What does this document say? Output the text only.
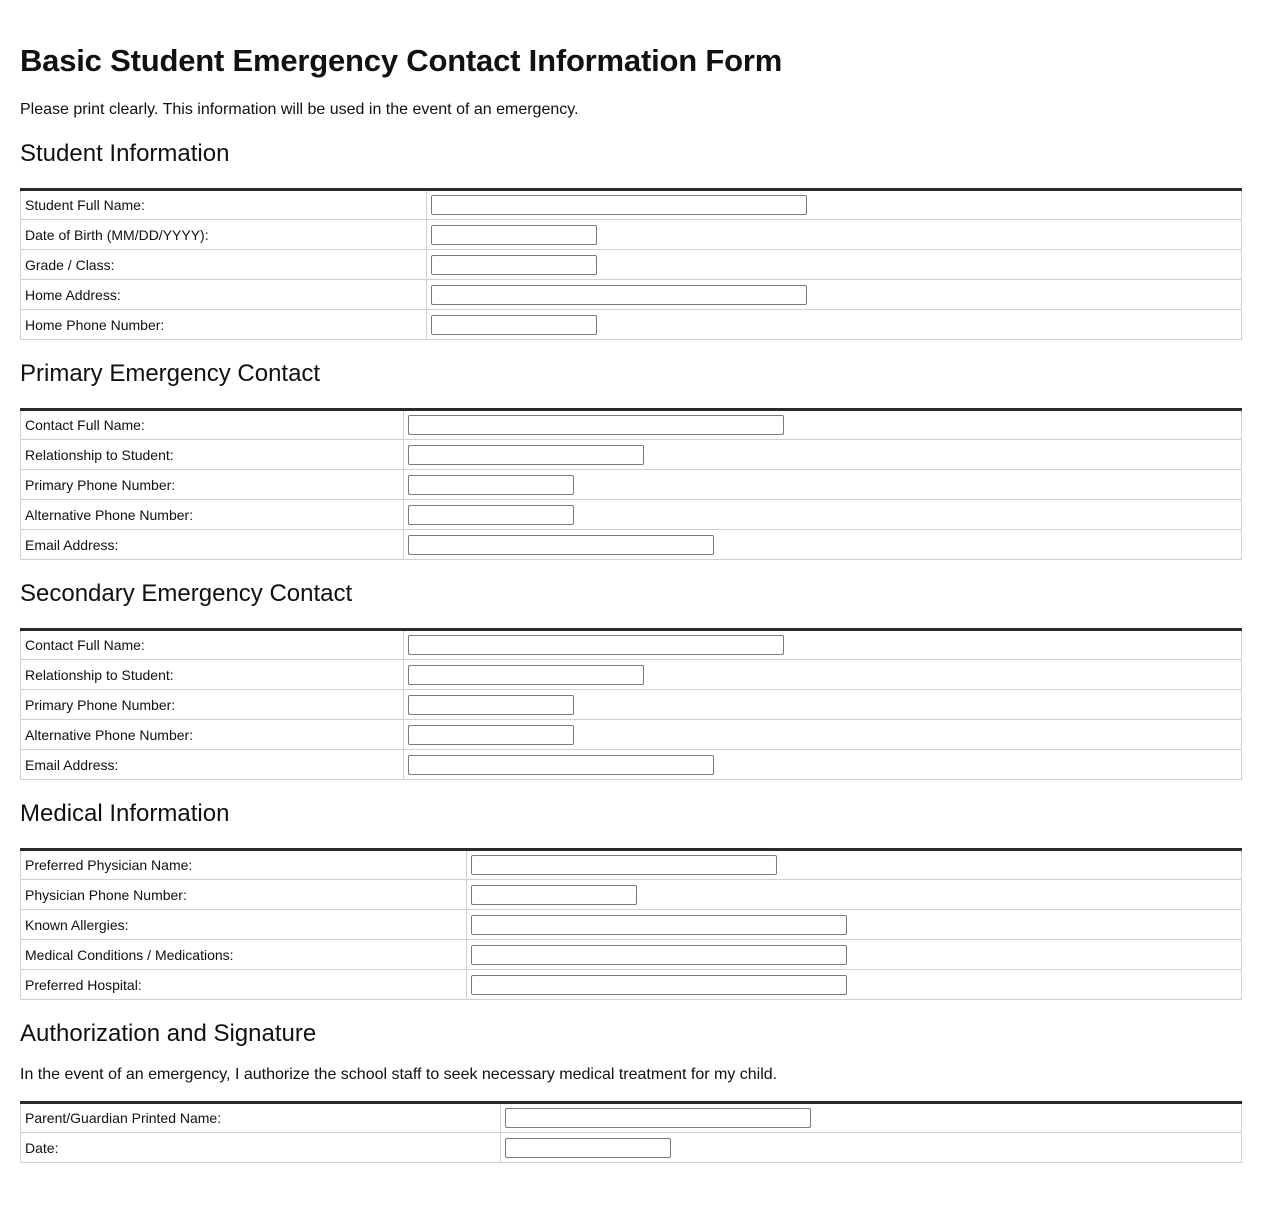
Basic Student Emergency Contact Information Form

Please print clearly. This information will be used in the event of an emergency.

Student Information
Student Full Name:	
Date of Birth (MM/DD/YYYY):	
Grade / Class:	
Home Address:	
Home Phone Number:	
Primary Emergency Contact
Contact Full Name:	
Relationship to Student:	
Primary Phone Number:	
Alternative Phone Number:	
Email Address:	
Secondary Emergency Contact
Contact Full Name:	
Relationship to Student:	
Primary Phone Number:	
Alternative Phone Number:	
Email Address:	
Medical Information
Preferred Physician Name:	
Physician Phone Number:	
Known Allergies:	
Medical Conditions / Medications:	
Preferred Hospital:	
Authorization and Signature

In the event of an emergency, I authorize the school staff to seek necessary medical treatment for my child.

Parent/Guardian Printed Name:	
Date:	
